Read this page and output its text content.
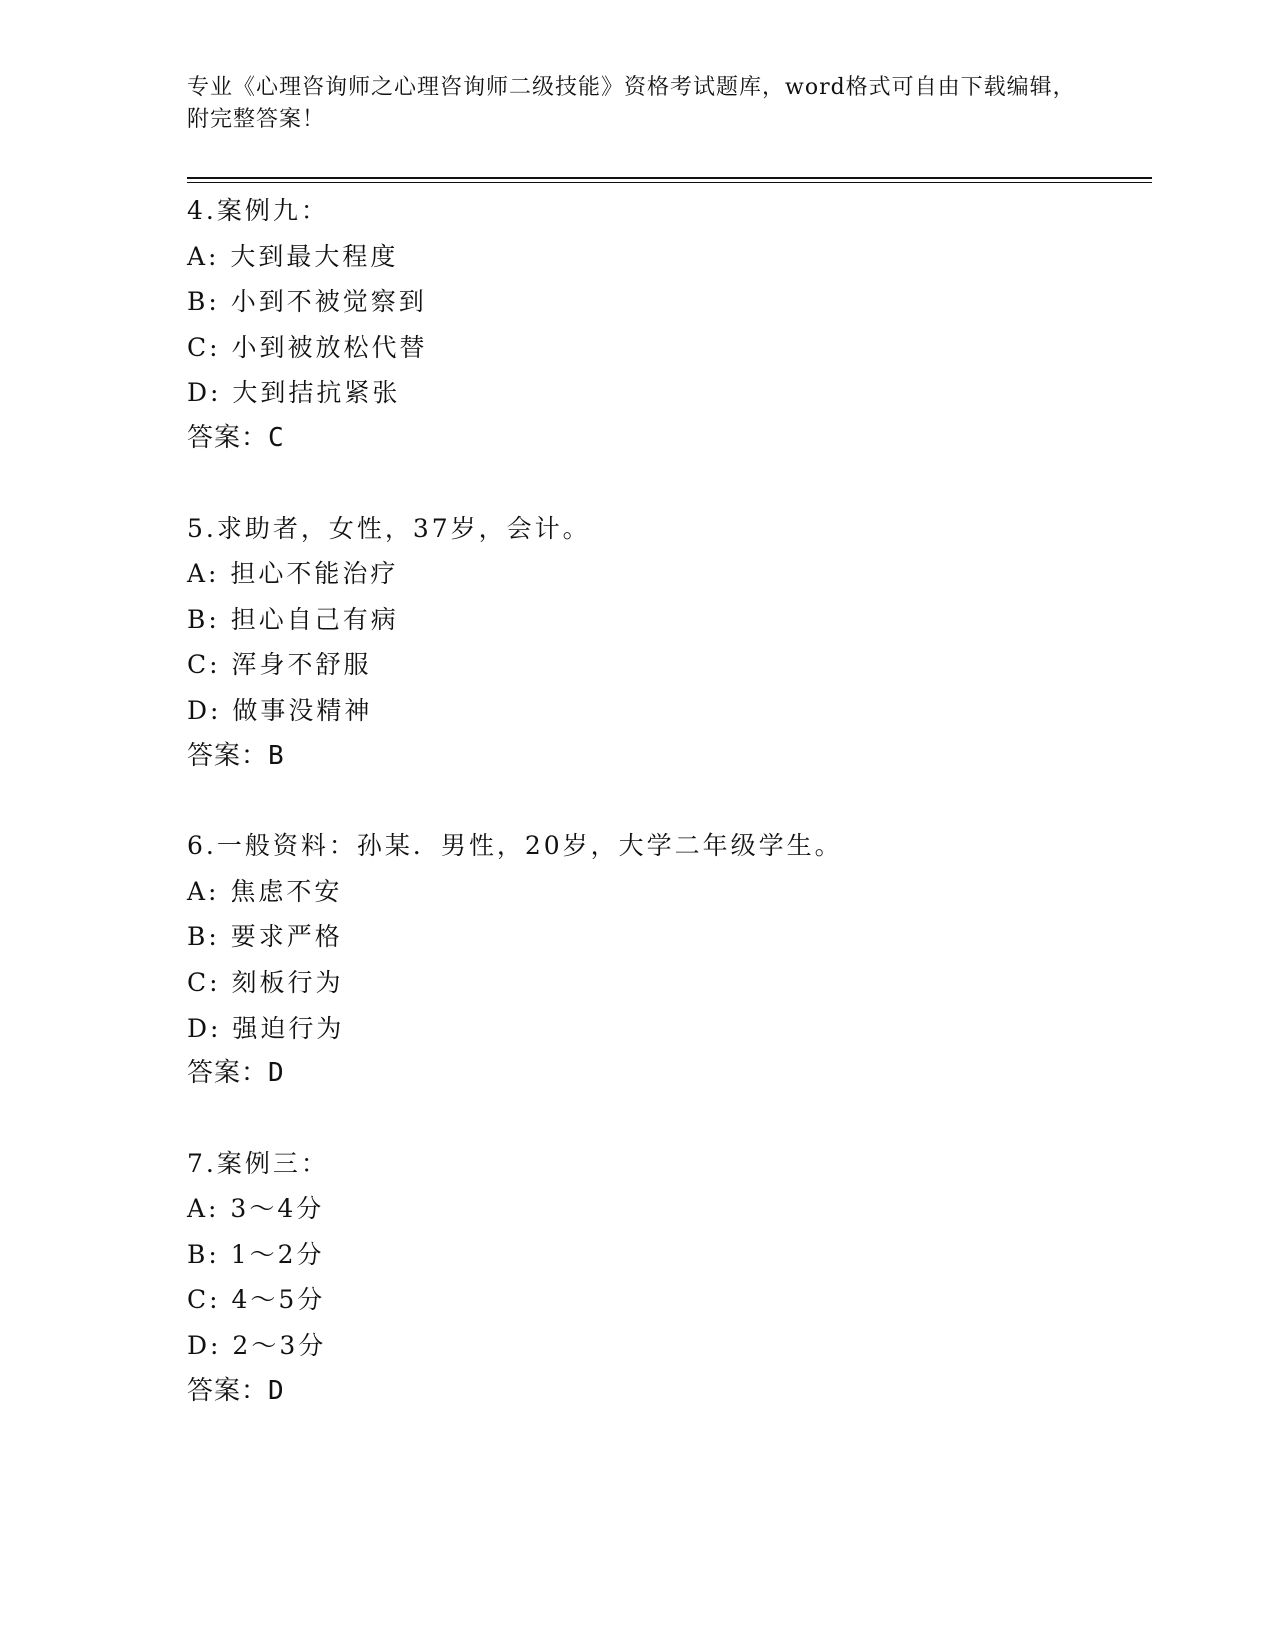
专业《心理咨询师之心理咨询师二级技能》资格考试题库，word格式可自由下载编辑，附完整答案！
4.案例九：
A: 大到最大程度
B: 小到不被觉察到
C: 小到被放松代替
D: 大到拮抗紧张
答案：C
5.求助者，女性，37岁，会计。
A: 担心不能治疗
B: 担心自己有病
C: 浑身不舒服
D: 做事没精神
答案：B
6.一般资料：孙某．男性，20岁，大学二年级学生。
A: 焦虑不安
B: 要求严格
C: 刻板行为
D: 强迫行为
答案：D
7.案例三：
A: 3～4分
B: 1～2分
C: 4～5分
D: 2～3分
答案：D
